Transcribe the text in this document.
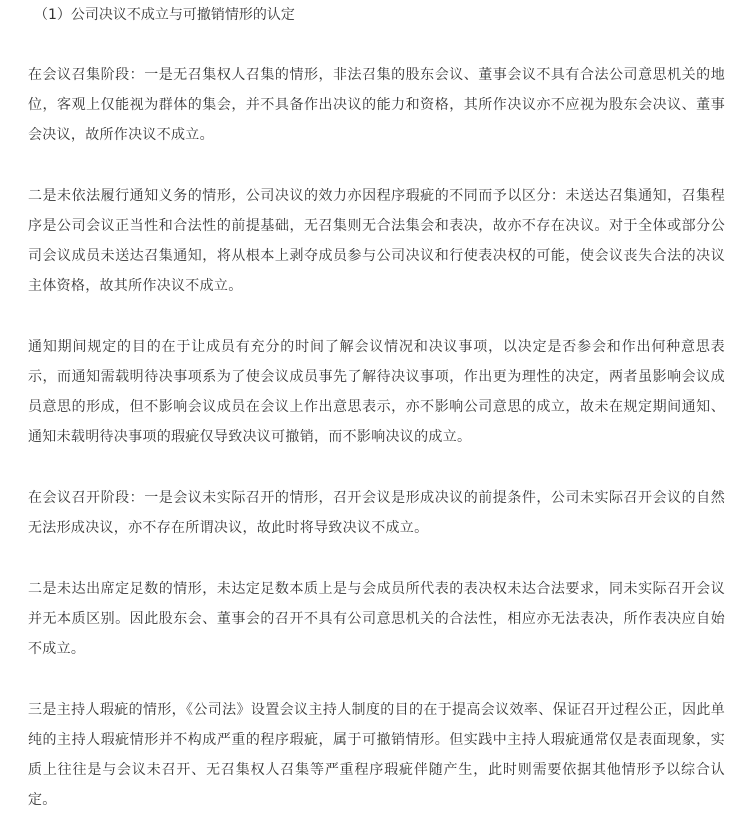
（1）公司决议不成立与可撤销情形的认定

在会议召集阶段：一是无召集权人召集的情形，非法召集的股东会议、董事会议不具有合法公司意思机关的地位，客观上仅能视为群体的集会，并不具备作出决议的能力和资格，其所作决议亦不应视为股东会决议、董事会决议，故所作决议不成立。

二是未依法履行通知义务的情形，公司决议的效力亦因程序瑕疵的不同而予以区分：未送达召集通知，召集程序是公司会议正当性和合法性的前提基础，无召集则无合法集会和表决，故亦不存在决议。对于全体或部分公司会议成员未送达召集通知，将从根本上剥夺成员参与公司决议和行使表决权的可能，使会议丧失合法的决议主体资格，故其所作决议不成立。

通知期间规定的目的在于让成员有充分的时间了解会议情况和决议事项，以决定是否参会和作出何种意思表示，而通知需载明待决事项系为了使会议成员事先了解待决议事项，作出更为理性的决定，两者虽影响会议成员意思的形成，但不影响会议成员在会议上作出意思表示，亦不影响公司意思的成立，故未在规定期间通知、通知未载明待决事项的瑕疵仅导致决议可撤销，而不影响决议的成立。

在会议召开阶段：一是会议未实际召开的情形，召开会议是形成决议的前提条件，公司未实际召开会议的自然无法形成决议，亦不存在所谓决议，故此时将导致决议不成立。

二是未达出席定足数的情形，未达定足数本质上是与会成员所代表的表决权未达合法要求，同未实际召开会议并无本质区别。因此股东会、董事会的召开不具有公司意思机关的合法性，相应亦无法表决，所作表决应自始不成立。

三是主持人瑕疵的情形，《公司法》设置会议主持人制度的目的在于提高会议效率、保证召开过程公正，因此单纯的主持人瑕疵情形并不构成严重的程序瑕疵，属于可撤销情形。但实践中主持人瑕疵通常仅是表面现象，实质上往往是与会议未召开、无召集权人召集等严重程序瑕疵伴随产生，此时则需要依据其他情形予以综合认定。
